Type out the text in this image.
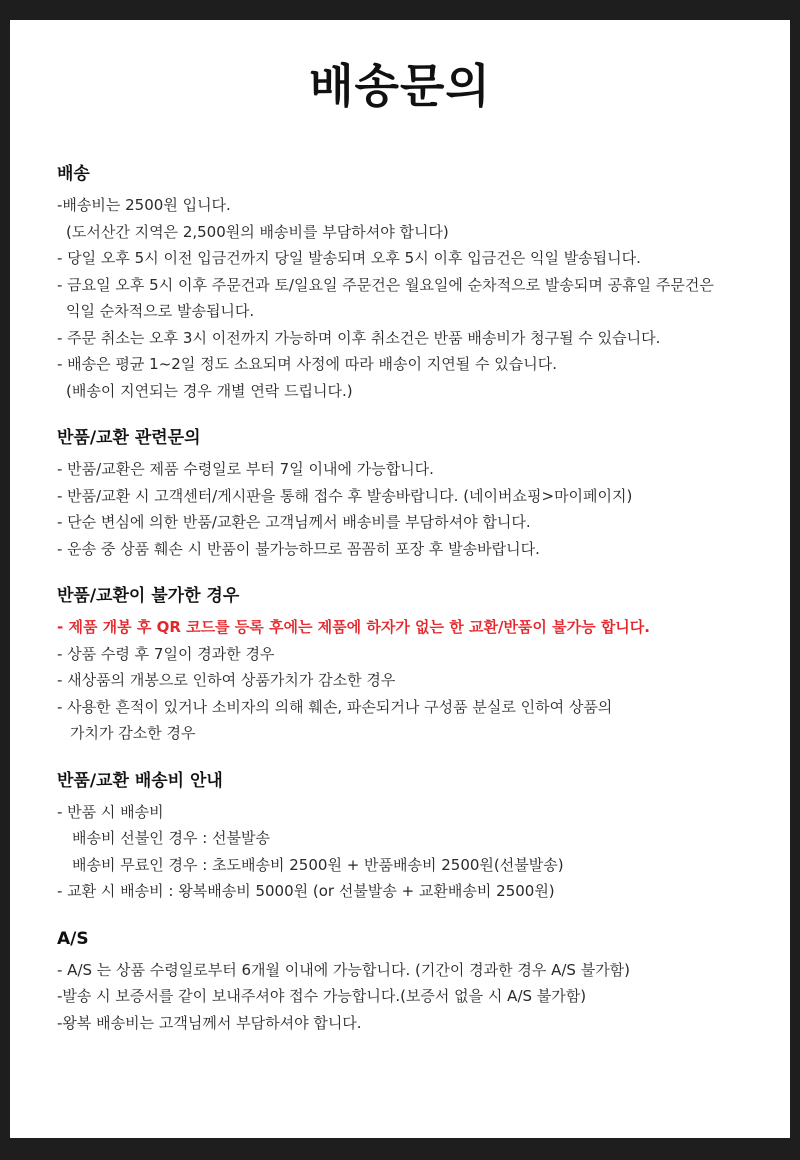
배송문의
배송
-배송비는 2500원 입니다.
(도서산간 지역은 2,500원의 배송비를 부담하셔야 합니다)
- 당일 오후 5시 이전 입금건까지 당일 발송되며 오후 5시 이후 입금건은 익일 발송됩니다.
- 금요일 오후 5시 이후 주문건과 토/일요일 주문건은 월요일에 순차적으로 발송되며 공휴일 주문건은
익일 순차적으로 발송됩니다.
- 주문 취소는 오후 3시 이전까지 가능하며 이후 취소건은 반품 배송비가 청구될 수 있습니다.
- 배송은 평균 1~2일 정도 소요되며 사정에 따라 배송이 지연될 수 있습니다.
(배송이 지연되는 경우 개별 연락 드립니다.)
반품/교환 관련문의
- 반품/교환은 제품 수령일로 부터 7일 이내에 가능합니다.
- 반품/교환 시 고객센터/게시판을 통해 접수 후 발송바랍니다. (네이버쇼핑>마이페이지)
- 단순 변심에 의한 반품/교환은 고객님께서 배송비를 부담하셔야 합니다.
- 운송 중 상품 훼손 시 반품이 불가능하므로 꼼꼼히 포장 후 발송바랍니다.
반품/교환이 불가한 경우
- 제품 개봉 후 QR 코드를 등록 후에는 제품에 하자가 없는 한 교환/반품이 불가능 합니다.
- 상품 수령 후 7일이 경과한 경우
- 새상품의 개봉으로 인하여 상품가치가 감소한 경우
- 사용한 흔적이 있거나 소비자의 의해 훼손, 파손되거나 구성품 분실로 인하여 상품의
가치가 감소한 경우
반품/교환 배송비 안내
- 반품 시 배송비
배송비 선불인 경우 : 선불발송
배송비 무료인 경우 : 초도배송비 2500원 + 반품배송비 2500원(선불발송)
- 교환 시 배송비 : 왕복배송비 5000원 (or 선불발송 + 교환배송비 2500원)
A/S
- A/S 는 상품 수령일로부터 6개월 이내에 가능합니다. (기간이 경과한 경우 A/S 불가함)
-발송 시 보증서를 같이 보내주셔야 접수 가능합니다.(보증서 없을 시 A/S 불가함)
-왕복 배송비는 고객님께서 부담하셔야 합니다.
